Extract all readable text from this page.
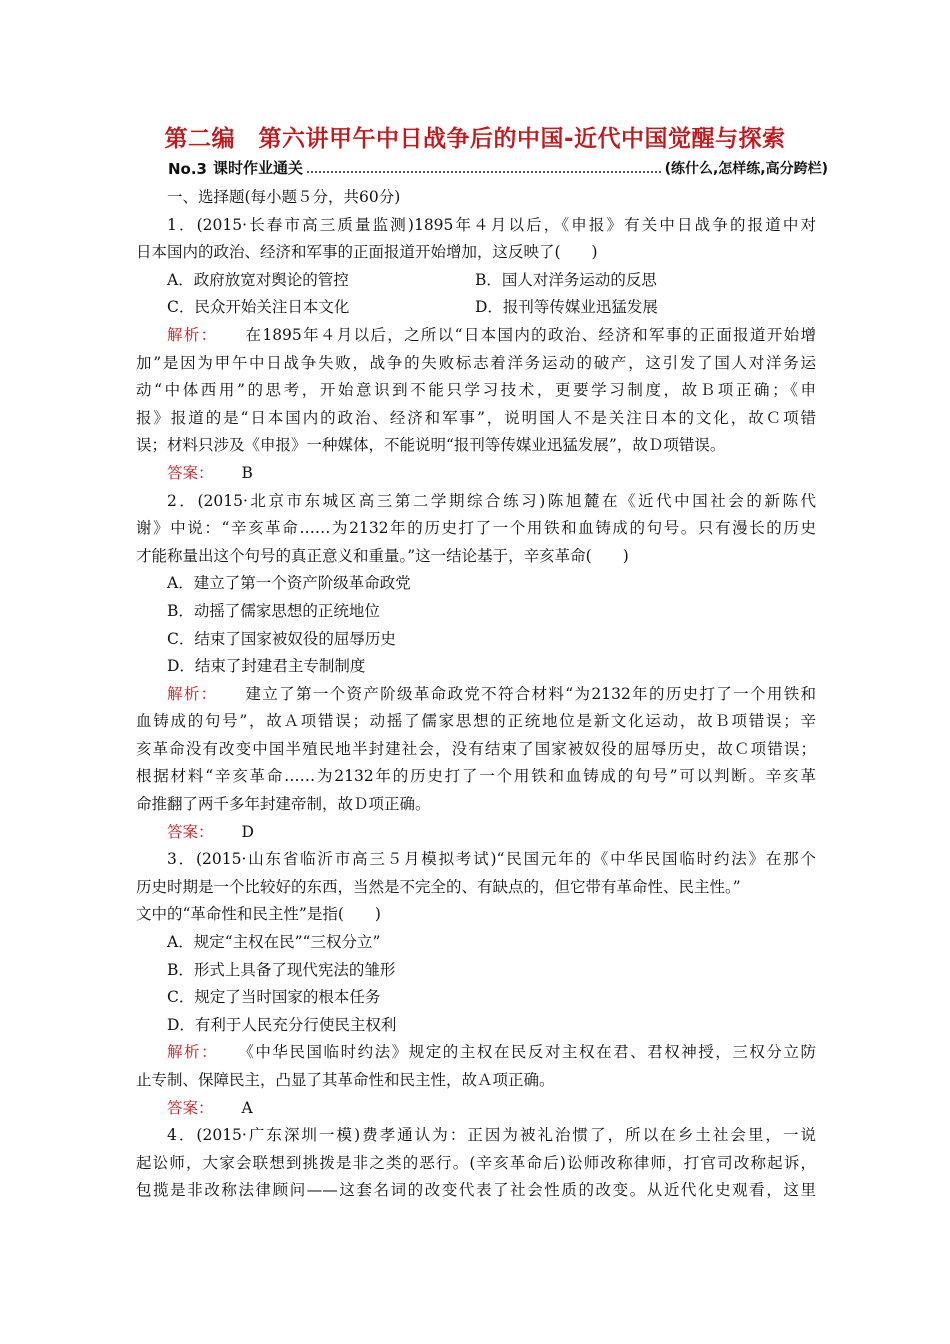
第二编　第六讲甲午中日战争后的中国-近代中国觉醒与探索
No.3 课时作业通关	(练什么,怎样练,高分跨栏)
一、选择题(每小题５分，共60分)
1．(2015·长春市高三质量监测)1895年４月以后，《申报》有关中日战争的报道中对
日本国内的政治、经济和军事的正面报道开始增加，这反映了(　　)
A．政府放宽对舆论的管控	B．国人对洋务运动的反思
C．民众开始关注日本文化	D．报刊等传媒业迅猛发展
解析： 在1895年４月以后，之所以“日本国内的政治、经济和军事的正面报道开始增
加”是因为甲午中日战争失败，战争的失败标志着洋务运动的破产，这引发了国人对洋务运
动“中体西用”的思考，开始意识到不能只学习技术，更要学习制度，故Ｂ项正确；《申
报》报道的是“日本国内的政治、经济和军事”，说明国人不是关注日本的文化，故Ｃ项错
误；材料只涉及《申报》一种媒体，不能说明“报刊等传媒业迅猛发展”，故Ｄ项错误。
答案： B
2．(2015·北京市东城区高三第二学期综合练习)陈旭麓在《近代中国社会的新陈代
谢》中说：“辛亥革命……为2132年的历史打了一个用铁和血铸成的句号。只有漫长的历史
才能称量出这个句号的真正意义和重量。”这一结论基于，辛亥革命(　　)
A．建立了第一个资产阶级革命政党
B．动摇了儒家思想的正统地位
C．结束了国家被奴役的屈辱历史
D．结束了封建君主专制制度
解析： 建立了第一个资产阶级革命政党不符合材料“为2132年的历史打了一个用铁和
血铸成的句号”，故Ａ项错误；动摇了儒家思想的正统地位是新文化运动，故Ｂ项错误；辛
亥革命没有改变中国半殖民地半封建社会，没有结束了国家被奴役的屈辱历史，故Ｃ项错误；
根据材料“辛亥革命……为2132年的历史打了一个用铁和血铸成的句号”可以判断。辛亥革
命推翻了两千多年封建帝制，故Ｄ项正确。
答案： D
3．(2015·山东省临沂市高三５月模拟考试)“民国元年的《中华民国临时约法》在那个
历史时期是一个比较好的东西，当然是不完全的、有缺点的，但它带有革命性、民主性。”
文中的“革命性和民主性”是指(　　)
A．规定“主权在民”“三权分立”
B．形式上具备了现代宪法的雏形
C．规定了当时国家的根本任务
D．有利于人民充分行使民主权利
解析： 《中华民国临时约法》规定的主权在民反对主权在君、君权神授，三权分立防
止专制、保障民主，凸显了其革命性和民主性，故Ａ项正确。
答案： A
4．(2015·广东深圳一模)费孝通认为：正因为被礼治惯了，所以在乡土社会里，一说
起讼师，大家会联想到挑拨是非之类的恶行。(辛亥革命后)讼师改称律师，打官司改称起诉，
包揽是非改称法律顾问——这套名词的改变代表了社会性质的改变。从近代化史观看，这里
